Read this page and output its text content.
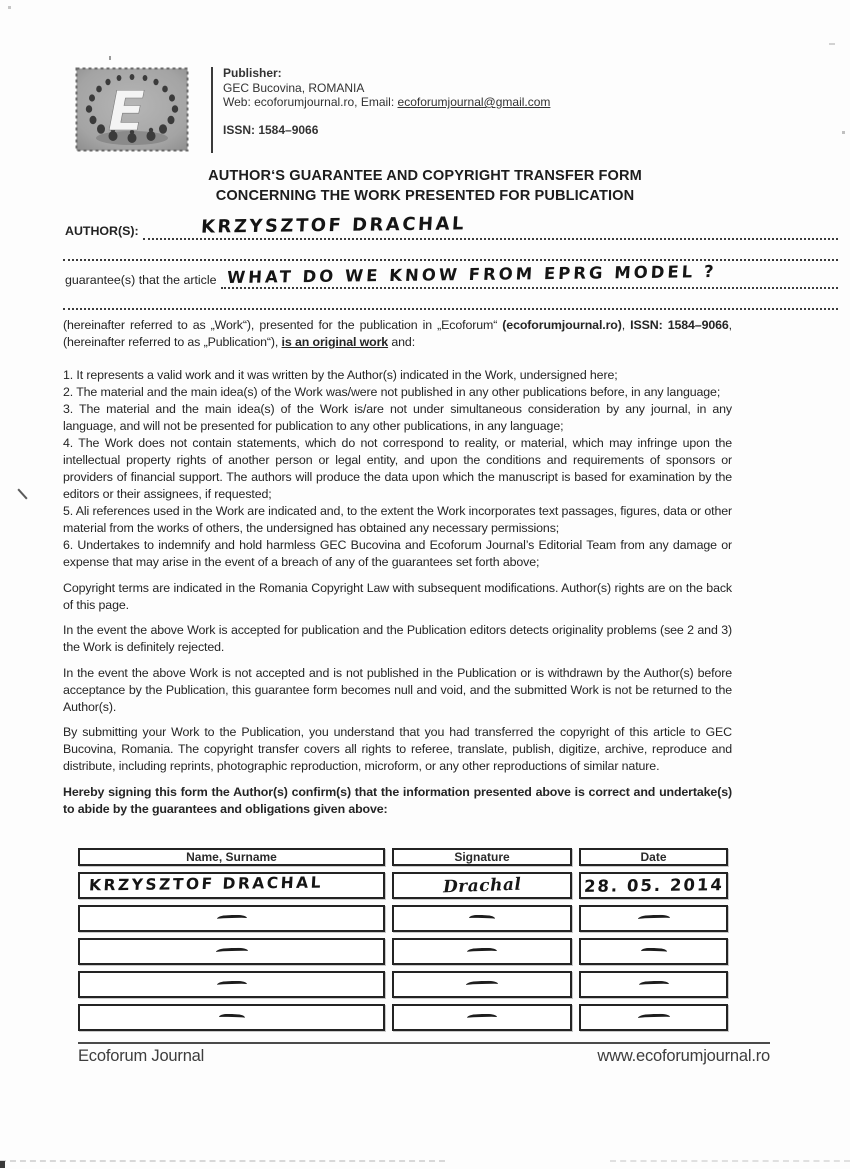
E
Publisher:
GEC Bucovina, ROMANIA
Web: ecoforumjournal.ro, Email: ecoforumjournal@gmail.com
ISSN: 1584–9066
AUTHOR‘S GUARANTEE AND COPYRIGHT TRANSFER FORM
CONCERNING THE WORK PRESENTED FOR PUBLICATION
AUTHOR(S):	KRZYSZTOF DRACHAL
guarantee(s) that the article WHAT DO WE KNOW FROM EPRG MODEL ?

(hereinafter referred to as „Work“), presented for the publication in „Ecoforum“ (ecoforumjournal.ro), ISSN: 1584–9066, (hereinafter referred to as „Publication“), is an original work and:

1. It represents a valid work and it was written by the Author(s) indicated in the Work, undersigned here;

2. The material and the main idea(s) of the Work was/were not published in any other publications before, in any language;

3. The material and the main idea(s) of the Work is/are not under simultaneous consideration by any journal, in any language, and will not be presented for publication to any other publications, in any language;

4. The Work does not contain statements, which do not correspond to reality, or material, which may infringe upon the intellectual property rights of another person or legal entity, and upon the conditions and requirements of sponsors or providers of financial support. The authors will produce the data upon which the manuscript is based for examination by the editors or their assignees, if requested;

5. Ali references used in the Work are indicated and, to the extent the Work incorporates text passages, figures, data or other material from the works of others, the undersigned has obtained any necessary permissions;

6. Undertakes to indemnify and hold harmless GEC Bucovina and Ecoforum Journal’s Editorial Team from any damage or expense that may arise in the event of a breach of any of the guarantees set forth above;

Copyright terms are indicated in the Romania Copyright Law with subsequent modifications. Author(s) rights are on the back of this page.

In the event the above Work is accepted for publication and the Publication editors detects originality problems (see 2 and 3) the Work is definitely rejected.

In the event the above Work is not accepted and is not published in the Publication or is withdrawn by the Author(s) before acceptance by the Publication, this guarantee form becomes null and void, and the submitted Work is not be returned to the Author(s).

By submitting your Work to the Publication, you understand that you had transferred the copyright of this article to GEC Bucovina, Romania. The copyright transfer covers all rights to referee, translate, publish, digitize, archive, reproduce and distribute, including reprints, photographic reproduction, microform, or any other reproductions of similar nature.

Hereby signing this form the Author(s) confirm(s) that the information presented above is correct and undertake(s) to abide by the guarantees and obligations given above:

Name, Surname	Signature	Date
KRZYSZTOF DRACHAL	Drachal	28. 05. 2014
Ecoforum Journal	www.ecoforumjournal.ro
